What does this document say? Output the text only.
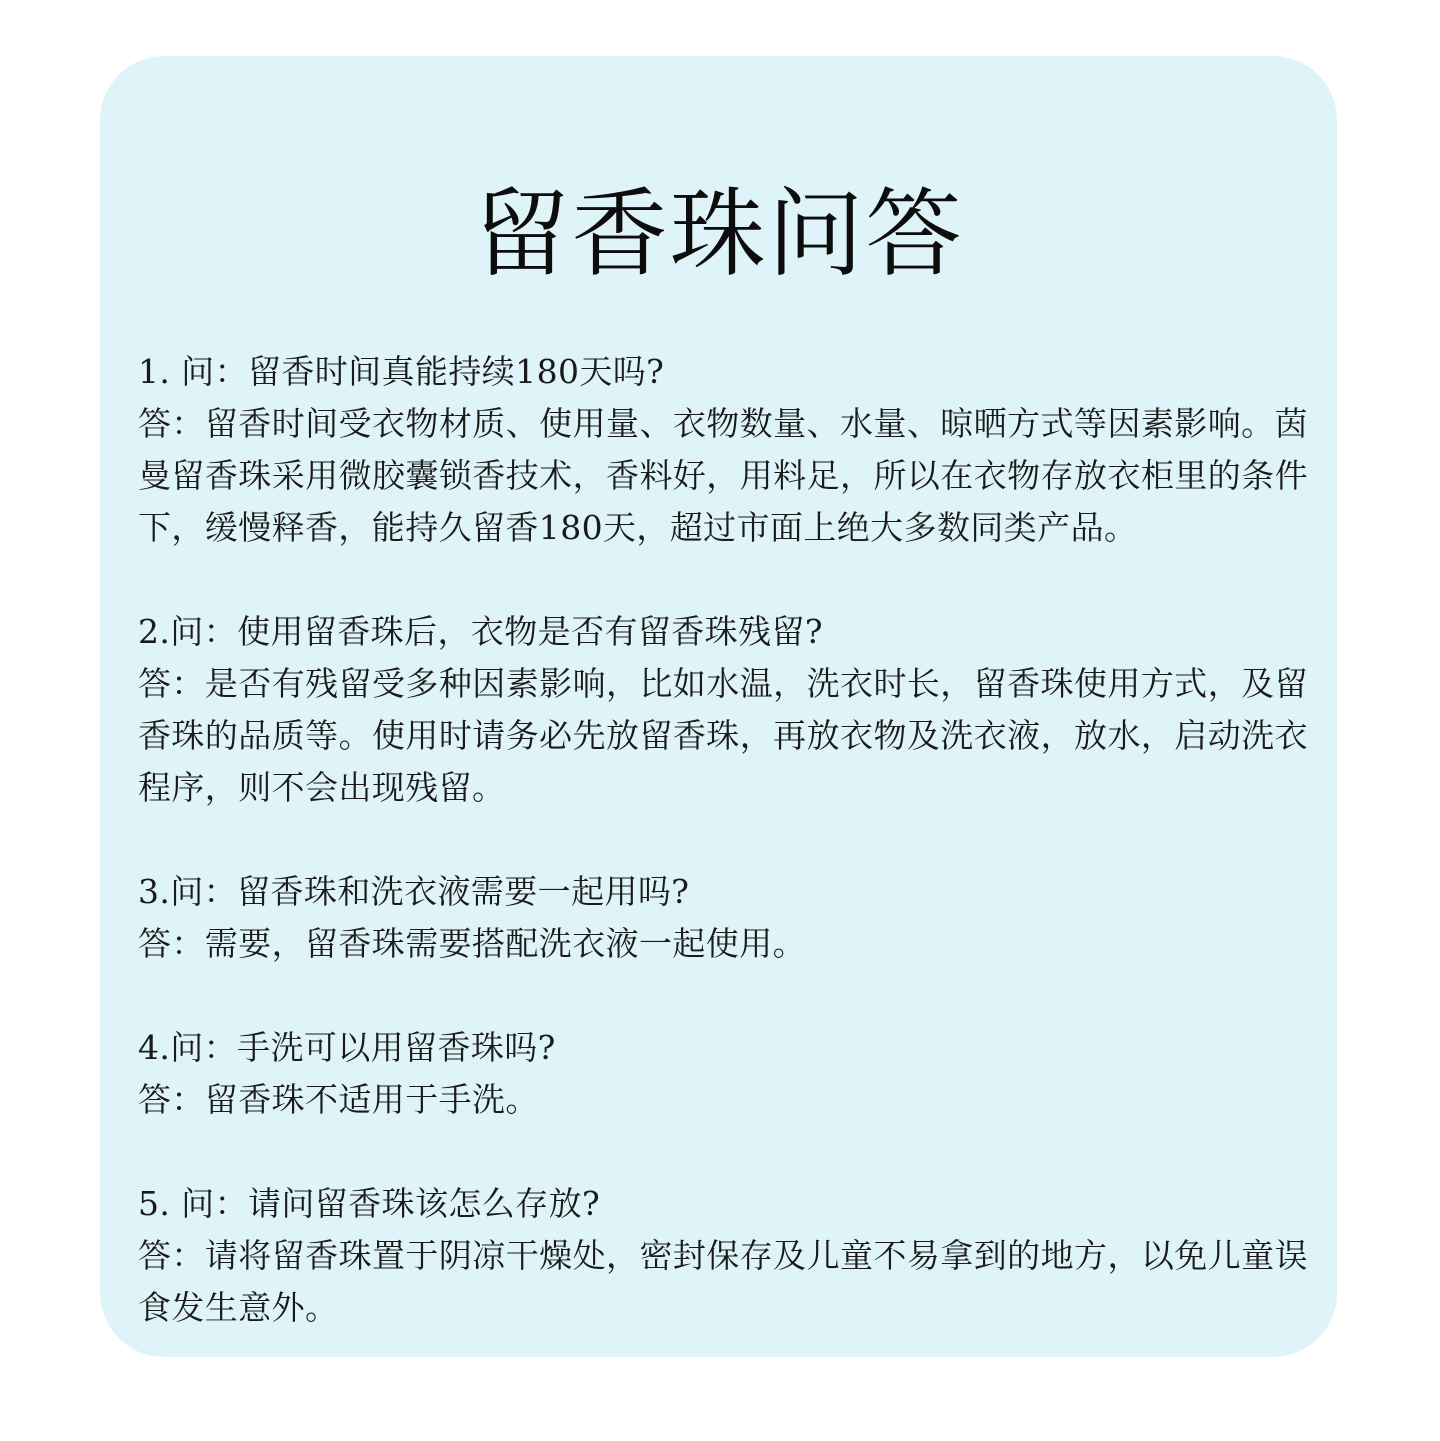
留香珠问答

1. 问：留香时间真能持续180天吗?

答：留香时间受衣物材质、使用量、衣物数量、水量、晾晒方式等因素影响。茵曼留香珠采用微胶囊锁香技术，香料好，用料足，所以在衣物存放衣柜里的条件下，缓慢释香，能持久留香180天，超过市面上绝大多数同类产品。

2.问：使用留香珠后，衣物是否有留香珠残留?

答：是否有残留受多种因素影响，比如水温，洗衣时长，留香珠使用方式，及留香珠的品质等。使用时请务必先放留香珠，再放衣物及洗衣液，放水，启动洗衣程序，则不会出现残留。

3.问：留香珠和洗衣液需要一起用吗?

答：需要，留香珠需要搭配洗衣液一起使用。

4.问：手洗可以用留香珠吗?

答：留香珠不适用于手洗。

5. 问：请问留香珠该怎么存放?

答：请将留香珠置于阴凉干燥处，密封保存及儿童不易拿到的地方，以免儿童误食发生意外。
